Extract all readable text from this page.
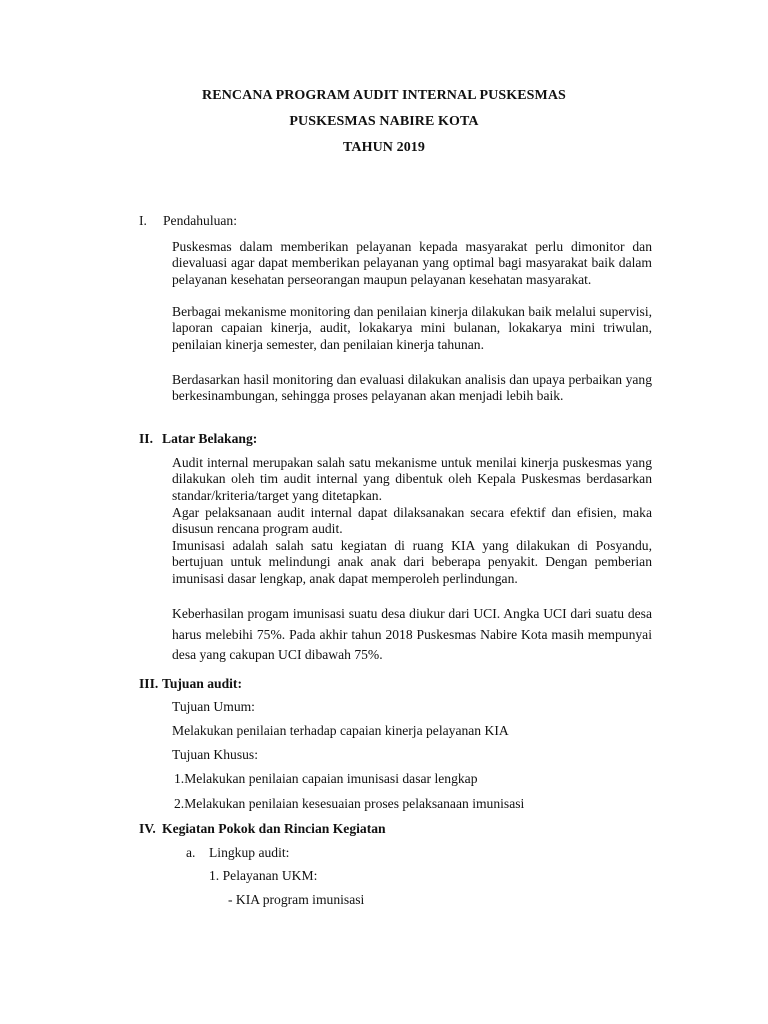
RENCANA PROGRAM AUDIT INTERNAL PUSKESMAS
PUSKESMAS NABIRE KOTA
TAHUN 2019
I. Pendahuluan:

Puskesmas dalam memberikan pelayanan kepada masyarakat perlu dimonitor dan dievaluasi agar dapat memberikan pelayanan yang optimal bagi masyarakat baik dalam pelayanan kesehatan perseorangan maupun pelayanan kesehatan masyarakat.

Berbagai mekanisme monitoring dan penilaian kinerja dilakukan baik melalui supervisi, laporan capaian kinerja, audit, lokakarya mini bulanan, lokakarya mini triwulan, penilaian kinerja semester, dan penilaian kinerja tahunan.

Berdasarkan hasil monitoring dan evaluasi dilakukan analisis dan upaya perbaikan yang berkesinambungan, sehingga proses pelayanan akan menjadi lebih baik.

II. Latar Belakang:

Audit internal merupakan salah satu mekanisme untuk menilai kinerja puskesmas yang dilakukan oleh tim audit internal yang dibentuk oleh Kepala Puskesmas berdasarkan standar/kriteria/target yang ditetapkan.

Agar pelaksanaan audit internal dapat dilaksanakan secara efektif dan efisien, maka disusun rencana program audit.

Imunisasi adalah salah satu kegiatan di ruang KIA yang dilakukan di Posyandu, bertujuan untuk melindungi anak anak dari beberapa penyakit. Dengan pemberian imunisasi dasar lengkap, anak dapat memperoleh perlindungan.

Keberhasilan progam imunisasi suatu desa diukur dari UCI. Angka UCI dari suatu desa harus melebihi 75%. Pada akhir tahun 2018 Puskesmas Nabire Kota masih mempunyai desa yang cakupan UCI dibawah 75%.

III. Tujuan audit:
Tujuan Umum:
Melakukan penilaian terhadap capaian kinerja pelayanan KIA
Tujuan Khusus:
1.Melakukan penilaian capaian imunisasi dasar lengkap
2.Melakukan penilaian kesesuaian proses pelaksanaan imunisasi
IV. Kegiatan Pokok dan Rincian Kegiatan
a. Lingkup audit:
1. Pelayanan UKM:
- KIA program imunisasi
